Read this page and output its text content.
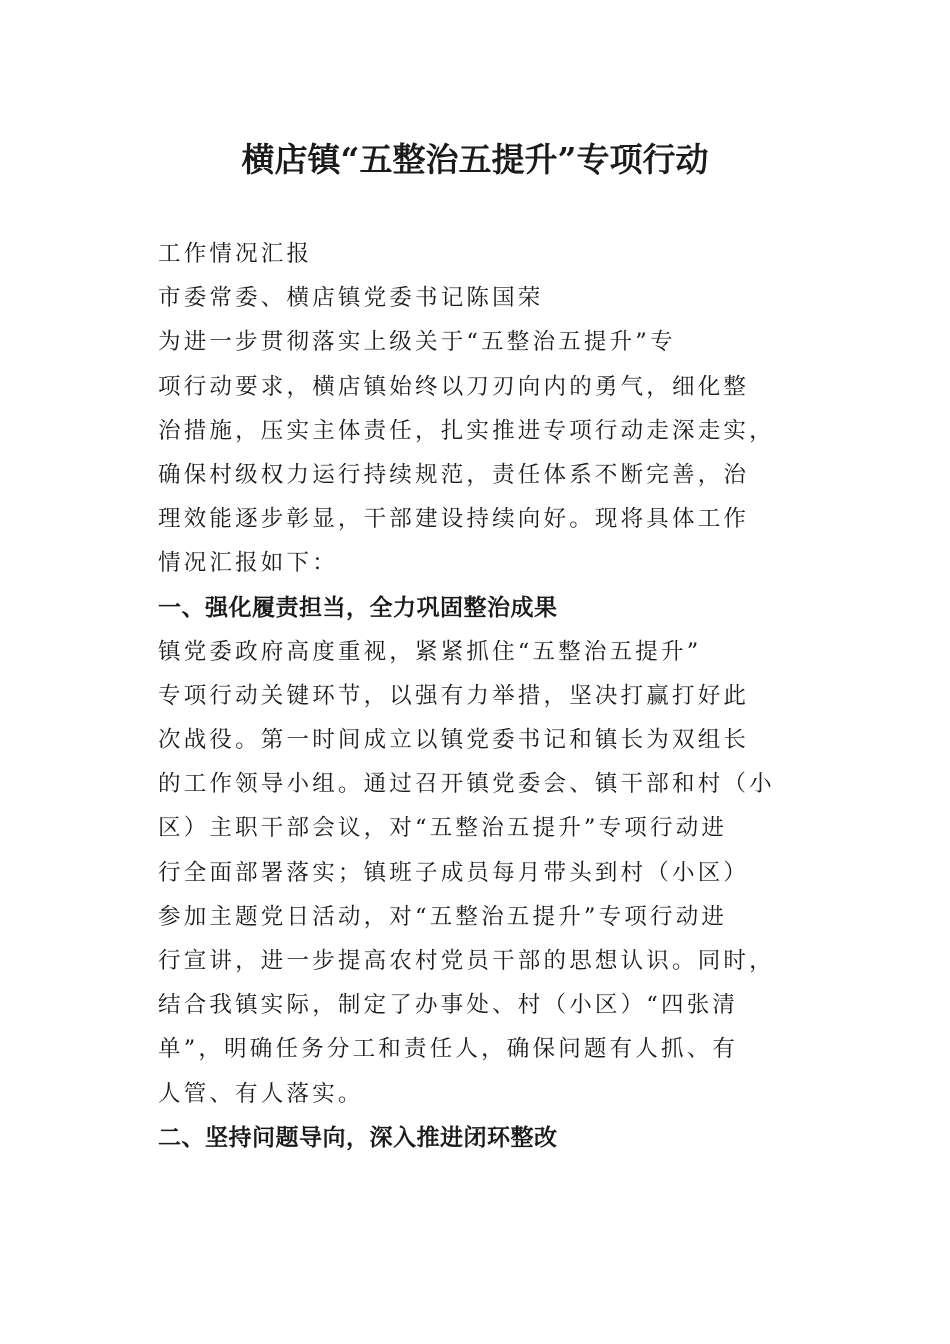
横店镇“五整治五提升”专项行动
工作情况汇报
市委常委、横店镇党委书记陈国荣
为进一步贯彻落实上级关于“五整治五提升”专
项行动要求，横店镇始终以刀刃向内的勇气，细化整
治措施，压实主体责任，扎实推进专项行动走深走实，
确保村级权力运行持续规范，责任体系不断完善，治
理效能逐步彰显，干部建设持续向好。现将具体工作
情况汇报如下：
一、强化履责担当，全力巩固整治成果
镇党委政府高度重视，紧紧抓住“五整治五提升”
专项行动关键环节，以强有力举措，坚决打赢打好此
次战役。第一时间成立以镇党委书记和镇长为双组长
的工作领导小组。通过召开镇党委会、镇干部和村（小
区）主职干部会议，对“五整治五提升”专项行动进
行全面部署落实；镇班子成员每月带头到村（小区）
参加主题党日活动，对“五整治五提升”专项行动进
行宣讲，进一步提高农村党员干部的思想认识。同时，
结合我镇实际，制定了办事处、村（小区）“四张清
单”，明确任务分工和责任人，确保问题有人抓、有
人管、有人落实。
二、坚持问题导向，深入推进闭环整改
